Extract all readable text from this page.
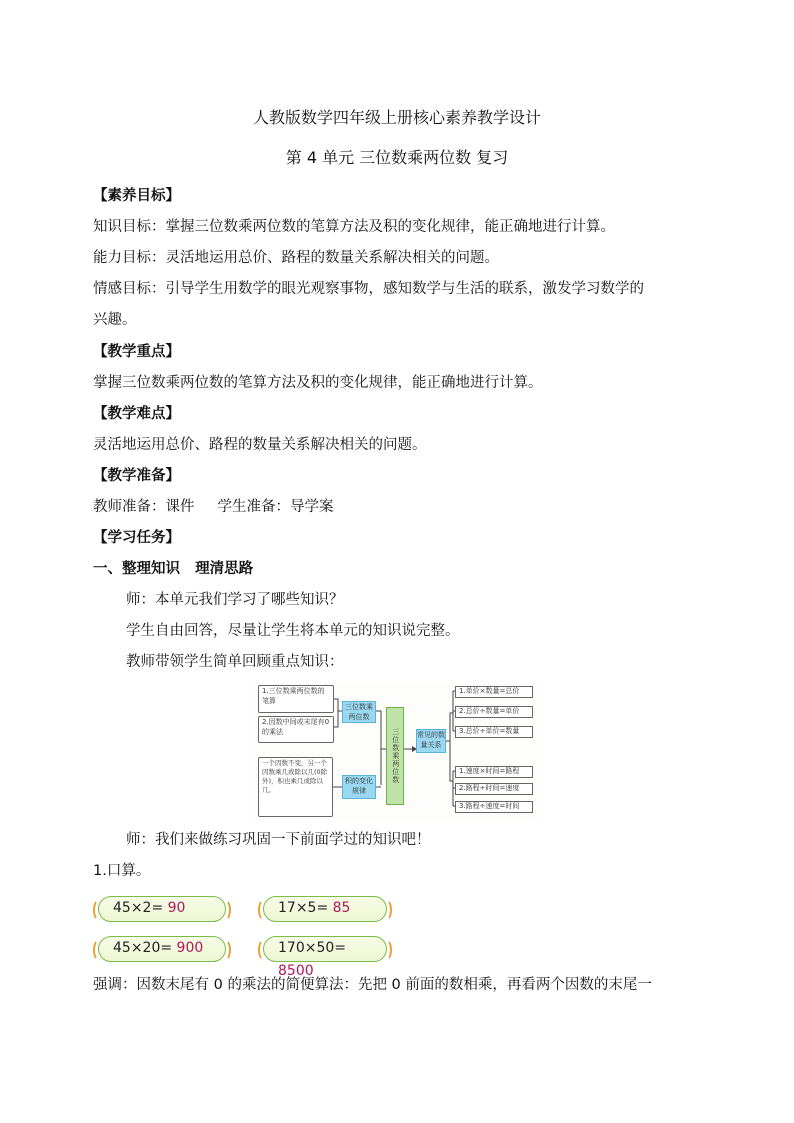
人教版数学四年级上册核心素养教学设计
第 4 单元 三位数乘两位数 复习
【素养目标】
知识目标：掌握三位数乘两位数的笔算方法及积的变化规律，能正确地进行计算。
能力目标：灵活地运用总价、路程的数量关系解决相关的问题。
情感目标：引导学生用数学的眼光观察事物，感知数学与生活的联系，激发学习数学的
兴趣。
【教学重点】
掌握三位数乘两位数的笔算方法及积的变化规律，能正确地进行计算。
【教学难点】
灵活地运用总价、路程的数量关系解决相关的问题。
【教学准备】
教师准备：课件     学生准备：导学案
【学习任务】
一、整理知识   理清思路
师：本单元我们学习了哪些知识？
学生自由回答，尽量让学生将本单元的知识说完整。
教师带领学生简单回顾重点知识：
1.三位数乘两位数的笔算
2.因数中间或末尾有0的乘法
一个因数不变，另一个因数乘几或除以几(0除外)，积也乘几或除以几。
三位数乘两位数
积的变化规律
三位数乘两位数	常见的数量关系
1.单价×数量=总价
2.总价÷数量=单价
3.总价÷单价=数量
1.速度×时间=路程
2.路程÷时间=速度
3.路程÷速度=时间
师：我们来做练习巩固一下前面学过的知识吧！
1.口算。
45×2= 90	17×5= 85
45×20= 900	170×50= 8500
强调：因数末尾有 0 的乘法的简便算法：先把 0 前面的数相乘，再看两个因数的末尾一
